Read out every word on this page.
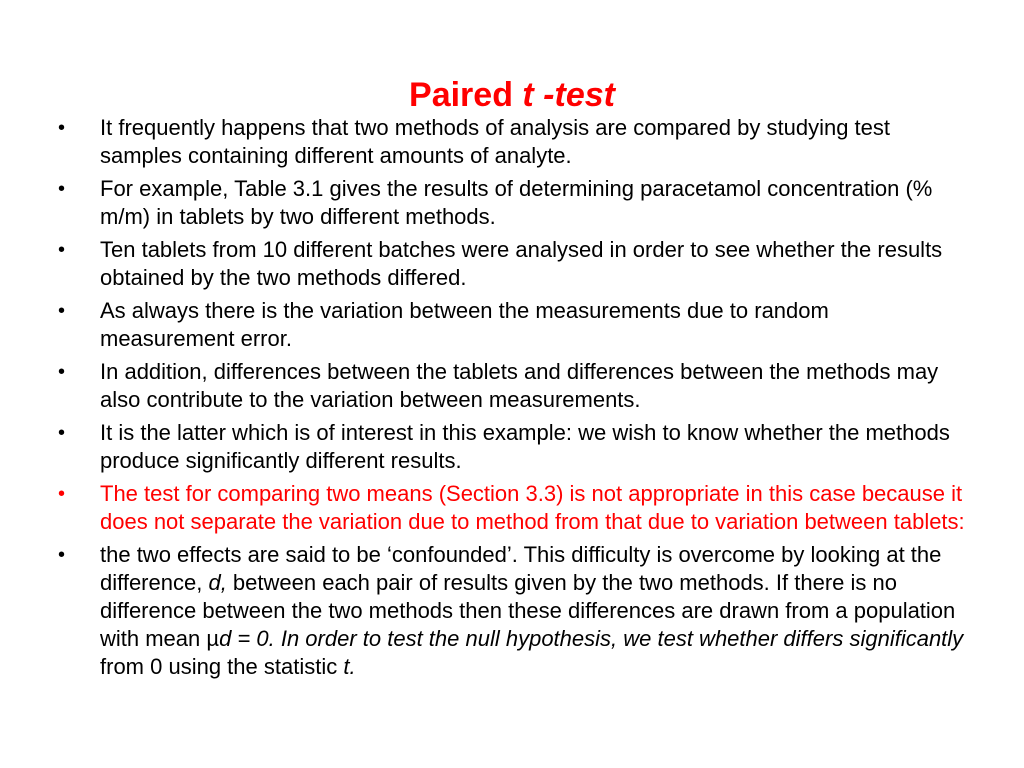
Paired t -test
•	It frequently happens that two methods of analysis are compared by studying test samples containing different amounts of analyte.
•	For example, Table 3.1 gives the results of determining paracetamol concentration (% m/m) in tablets by two different methods.
•	Ten tablets from 10 different batches were analysed in order to see whether the results obtained by the two methods differed.
•	As always there is the variation between the measurements due to random measurement error.
•	In addition, differences between the tablets and differences between the methods may also contribute to the variation between measurements.
•	It is the latter which is of interest in this example: we wish to know whether the methods produce significantly different results.
•	The test for comparing two means (Section 3.3) is not appropriate in this case because it does not separate the variation due to method from that due to variation between tablets:
•	the two effects are said to be ‘confounded’. This difficulty is overcome by looking at the difference, d, between each pair of results given by the two methods. If there is no difference between the two methods then these differences are drawn from a population with mean µd = 0. In order to test the null hypothesis, we test whether differs significantly from 0 using the statistic t.
